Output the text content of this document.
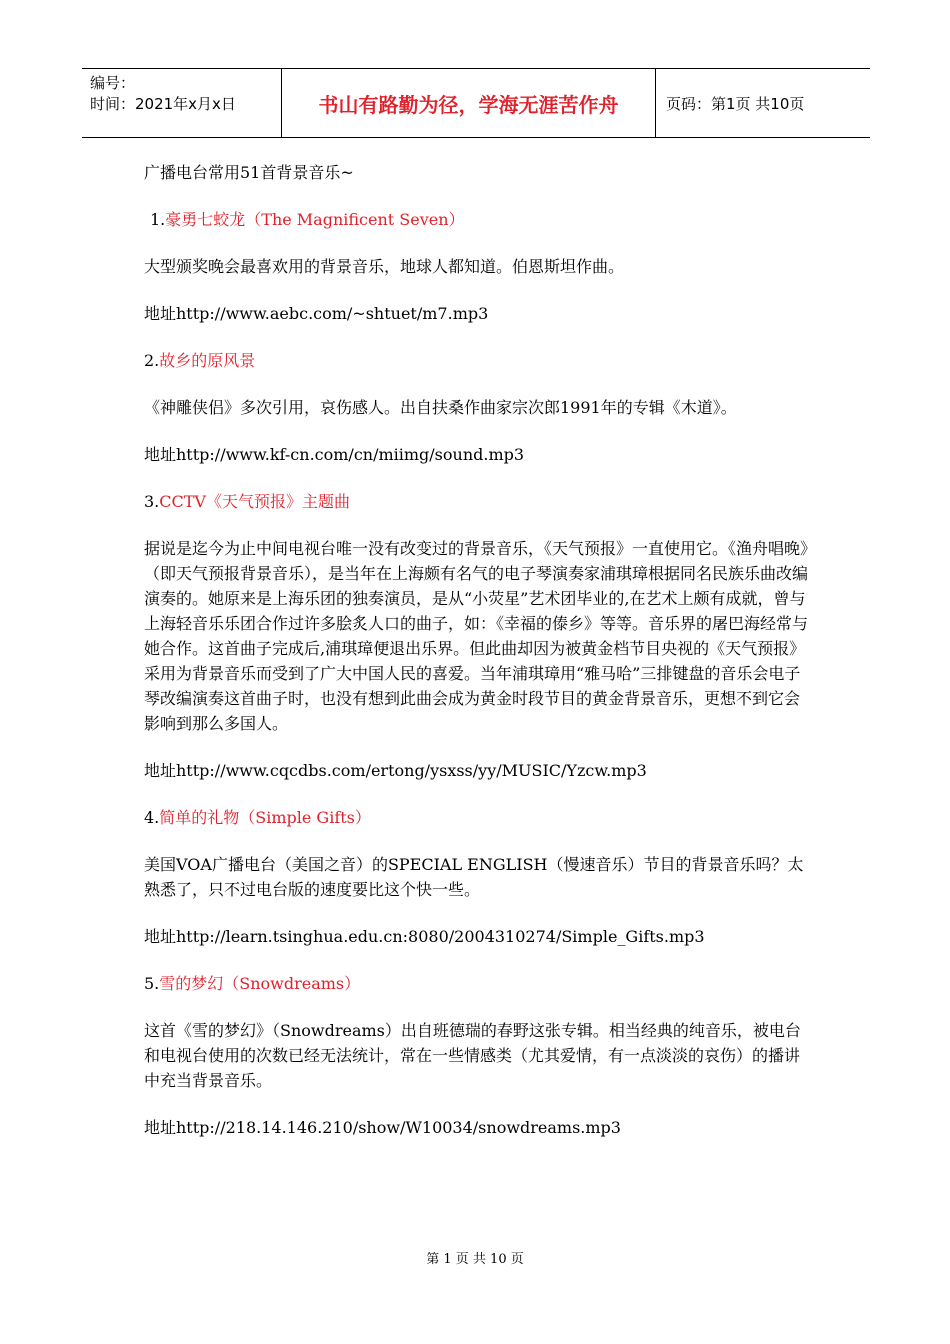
编号：
时间：2021年x月x日	书山有路勤为径，学海无涯苦作舟	页码：第1页 共10页

广播电台常用51首背景音乐~

1.豪勇七蛟龙（The Magnificent Seven）

大型颁奖晚会最喜欢用的背景音乐，地球人都知道。伯恩斯坦作曲。

地址http://www.aebc.com/~shtuet/m7.mp3

2.故乡的原风景

《神雕侠侣》多次引用，哀伤感人。出自扶桑作曲家宗次郎1991年的专辑《木道》。

地址http://www.kf-cn.com/cn/miimg/sound.mp3

3.CCTV《天气预报》主题曲

据说是迄今为止中间电视台唯一没有改变过的背景音乐，《天气预报》一直使用它。《渔舟唱晚》（即天气预报背景音乐），是当年在上海颇有名气的电子琴演奏家浦琪璋根据同名民族乐曲改编演奏的。她原来是上海乐团的独奏演员，是从“小荧星”艺术团毕业的,在艺术上颇有成就，曾与上海轻音乐乐团合作过许多脍炙人口的曲子，如：《幸福的傣乡》等等。音乐界的屠巴海经常与她合作。这首曲子完成后,浦琪璋便退出乐界。但此曲却因为被黄金档节目央视的《天气预报》采用为背景音乐而受到了广大中国人民的喜爱。当年浦琪璋用“雅马哈”三排键盘的音乐会电子琴改编演奏这首曲子时，也没有想到此曲会成为黄金时段节目的黄金背景音乐，更想不到它会影响到那么多国人。

地址http://www.cqcdbs.com/ertong/ysxss/yy/MUSIC/Yzcw.mp3

4.简单的礼物（Simple Gifts）

美国VOA广播电台（美国之音）的SPECIAL ENGLISH（慢速音乐）节目的背景音乐吗？太熟悉了，只不过电台版的速度要比这个快一些。

地址http://learn.tsinghua.edu.cn:8080/2004310274/Simple_Gifts.mp3

5.雪的梦幻（Snowdreams）

这首《雪的梦幻》（Snowdreams）出自班德瑞的春野这张专辑。相当经典的纯音乐，被电台和电视台使用的次数已经无法统计，常在一些情感类（尤其爱情，有一点淡淡的哀伤）的播讲中充当背景音乐。

地址http://218.14.146.210/show/W10034/snowdreams.mp3

第 1 页 共 10 页
